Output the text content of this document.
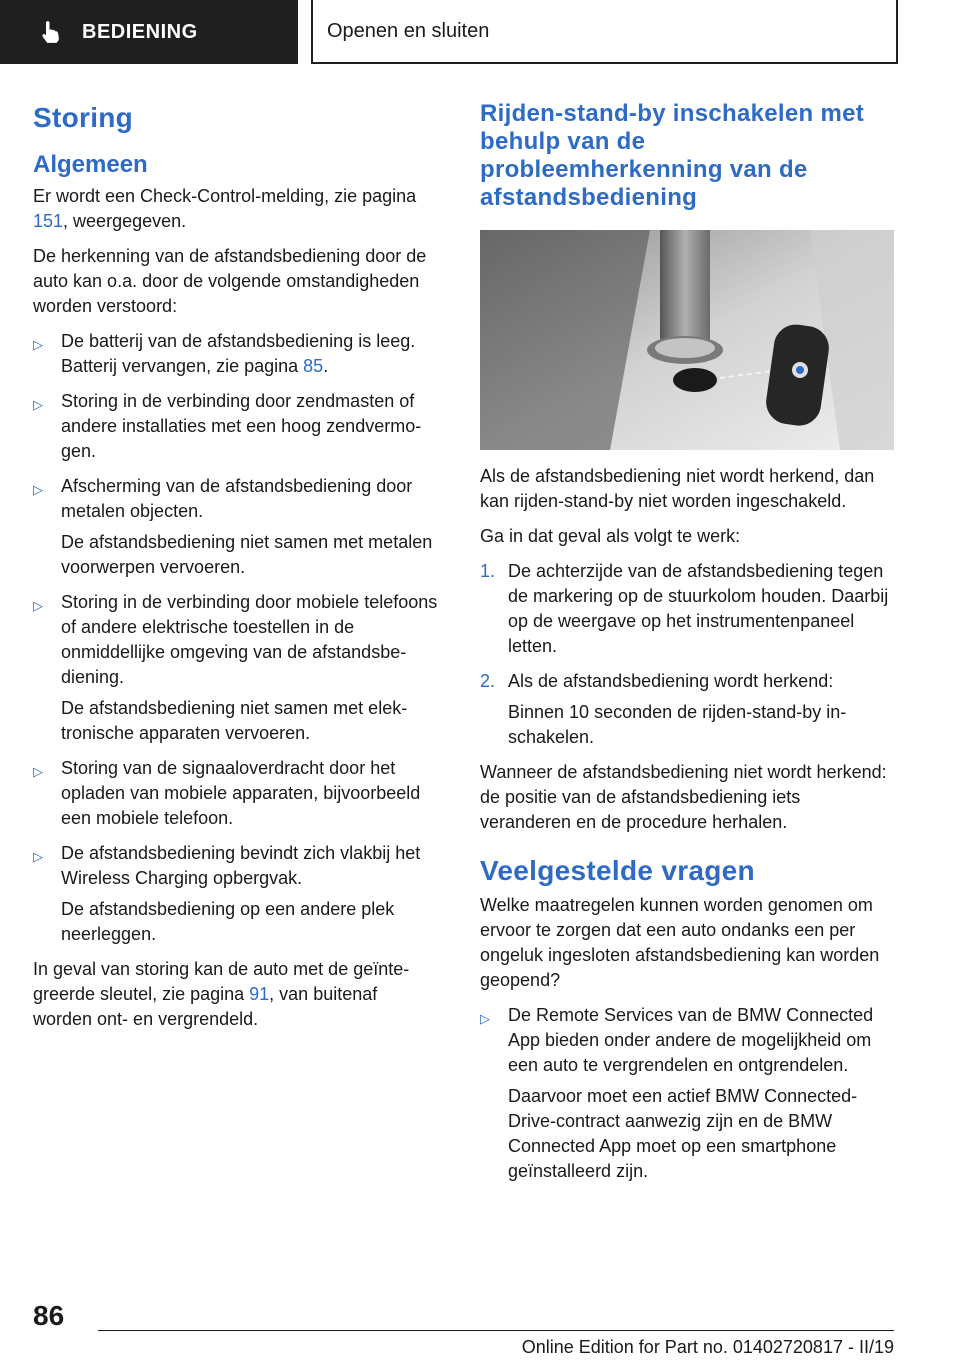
BEDIENING	Openen en sluiten
Storing
Algemeen

Er wordt een Check-Control-melding, zie pagina 151, weergegeven.

De herkenning van de afstandsbediening door de auto kan o.a. door de volgende omstandigheden worden verstoord:

▷ De batterij van de afstandsbediening is leeg. Batterij vervangen, zie pagina 85.
▷ Storing in de verbinding door zendmasten of andere installaties met een hoog zendvermogen.
▷ Afscherming van de afstandsbediening door metalen objecten.
De afstandsbediening niet samen met metalen voorwerpen vervoeren.
▷ Storing in de verbinding door mobiele telefoons of andere elektrische toestellen in de onmiddellijke omgeving van de afstandsbediening.
De afstandsbediening niet samen met elektronische apparaten vervoeren.
▷ Storing van de signaaloverdracht door het opladen van mobiele apparaten, bijvoorbeeld een mobiele telefoon.
▷ De afstandsbediening bevindt zich vlakbij het Wireless Charging opbergvak.
De afstandsbediening op een andere plek neerleggen.

In geval van storing kan de auto met de geïntegreerde sleutel, zie pagina 91, van buitenaf worden ont- en vergrendeld.

Rijden-stand-by inschakelen met behulp van de probleemherkenning van de afstandsbediening

Als de afstandsbediening niet wordt herkend, dan kan rijden-stand-by niet worden ingeschakeld.

Ga in dat geval als volgt te werk:

1. De achterzijde van de afstandsbediening tegen de markering op de stuurkolom houden. Daarbij op de weergave op het instrumentenpaneel letten.
2. Als de afstandsbediening wordt herkend:
Binnen 10 seconden de rijden-stand-by inschakelen.

Wanneer de afstandsbediening niet wordt herkend: de positie van de afstandsbediening iets veranderen en de procedure herhalen.

Veelgestelde vragen

Welke maatregelen kunnen worden genomen om ervoor te zorgen dat een auto ondanks een per ongeluk ingesloten afstandsbediening kan worden geopend?

▷ De Remote Services van de BMW Connected App bieden onder andere de mogelijkheid om een auto te vergrendelen en ontgrendelen.
Daarvoor moet een actief BMW ConnectedDrive-contract aanwezig zijn en de BMW Connected App moet op een smartphone geïnstalleerd zijn.
86
Online Edition for Part no. 01402720817 - II/19
